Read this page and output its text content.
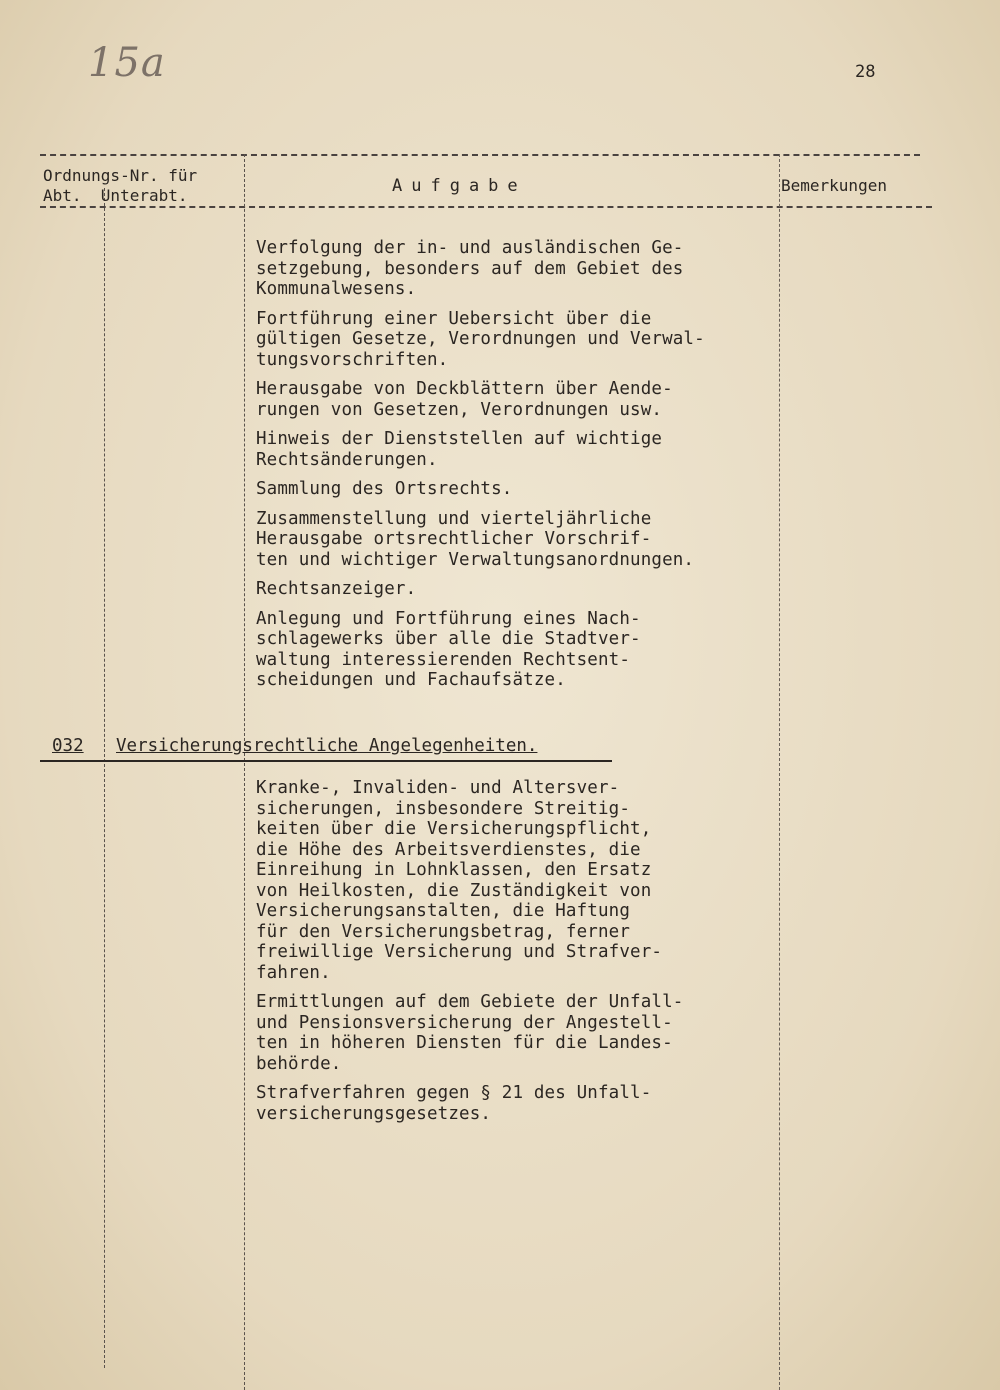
15a	28
Ordnungs-Nr. für
Abt.  Unterabt.	Aufgabe	Bemerkungen
Verfolgung der in- und ausländischen Ge-
setzgebung, besonders auf dem Gebiet des
Kommunalwesens.
Fortführung einer Uebersicht über die
gültigen Gesetze, Verordnungen und Verwal-
tungsvorschriften.
Herausgabe von Deckblättern über Aende-
rungen von Gesetzen, Verordnungen usw.
Hinweis der Dienststellen auf wichtige
Rechtsänderungen.
Sammlung des Ortsrechts.
Zusammenstellung und vierteljährliche
Herausgabe ortsrechtlicher Vorschrif-
ten und wichtiger Verwaltungsanordnungen.
Rechtsanzeiger.
Anlegung und Fortführung eines Nach-
schlagewerks über alle die Stadtver-
waltung interessierenden Rechtsent-
scheidungen und Fachaufsätze.
032 Versicherungsrechtliche Angelegenheiten.
Kranke-, Invaliden- und Altersver-
sicherungen, insbesondere Streitig-
keiten über die Versicherungspflicht,
die Höhe des Arbeitsverdienstes, die
Einreihung in Lohnklassen, den Ersatz
von Heilkosten, die Zuständigkeit von
Versicherungsanstalten, die Haftung
für den Versicherungsbetrag, ferner
freiwillige Versicherung und Strafver-
fahren.
Ermittlungen auf dem Gebiete der Unfall-
und Pensionsversicherung der Angestell-
ten in höheren Diensten für die Landes-
behörde.
Strafverfahren gegen § 21 des Unfall-
versicherungsgesetzes.
